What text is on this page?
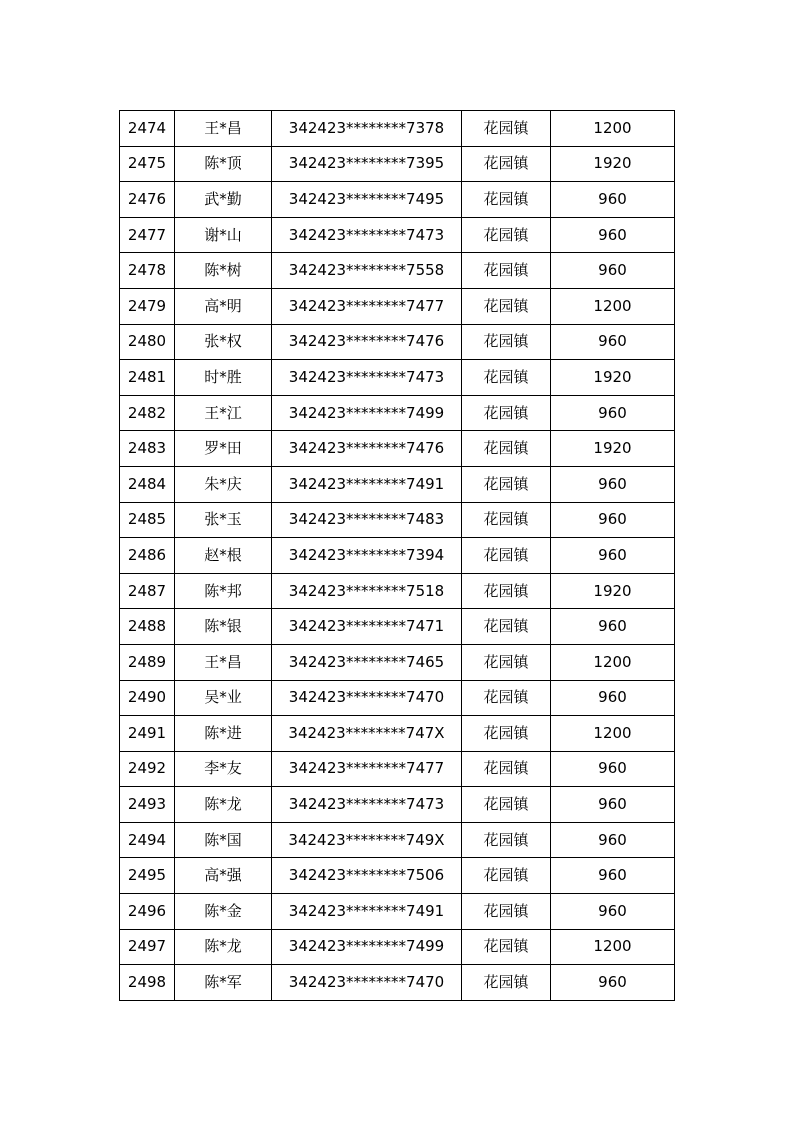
2474	王*昌	342423********7378	花园镇	1200
2475	陈*顶	342423********7395	花园镇	1920
2476	武*勤	342423********7495	花园镇	960
2477	谢*山	342423********7473	花园镇	960
2478	陈*树	342423********7558	花园镇	960
2479	高*明	342423********7477	花园镇	1200
2480	张*权	342423********7476	花园镇	960
2481	时*胜	342423********7473	花园镇	1920
2482	王*江	342423********7499	花园镇	960
2483	罗*田	342423********7476	花园镇	1920
2484	朱*庆	342423********7491	花园镇	960
2485	张*玉	342423********7483	花园镇	960
2486	赵*根	342423********7394	花园镇	960
2487	陈*邦	342423********7518	花园镇	1920
2488	陈*银	342423********7471	花园镇	960
2489	王*昌	342423********7465	花园镇	1200
2490	吴*业	342423********7470	花园镇	960
2491	陈*进	342423********747X	花园镇	1200
2492	李*友	342423********7477	花园镇	960
2493	陈*龙	342423********7473	花园镇	960
2494	陈*国	342423********749X	花园镇	960
2495	高*强	342423********7506	花园镇	960
2496	陈*金	342423********7491	花园镇	960
2497	陈*龙	342423********7499	花园镇	1200
2498	陈*军	342423********7470	花园镇	960
